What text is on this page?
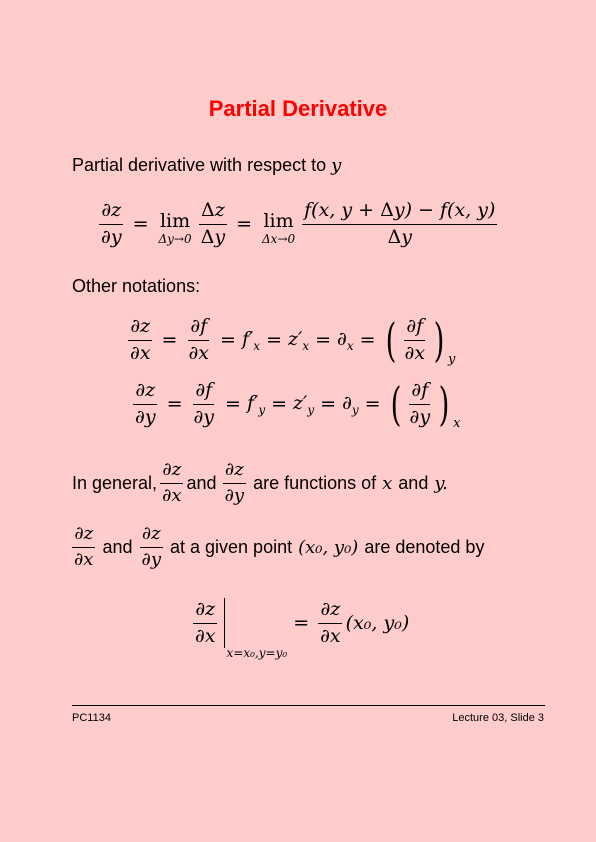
Partial Derivative
Partial derivative with respect to y
$\frac{\partial z}{\partial y} = \lim$
$\Delta y\to 0 \frac{\Delta z}{\Delta y} = \lim$
$\Delta x\to 0 \frac{f(x, y + \Delta y) - f(x, y)}{\Delta y}$
Other notations:
$\frac{\partial z}{\partial x} = \frac{\partial f}{\partial x} = f'_x = z'_x = \partial_x$ = ( $\frac{\partial f}{\partial x}$ ) y
$\frac{\partial z}{\partial y} = \frac{\partial f}{\partial y} = f'_y = z'_y = \partial_y$ = ( $\frac{\partial f}{\partial y}$ ) x
In general, $\frac{\partial z}{\partial x}$ and $\frac{\partial z}{\partial y}$ are functions of x and y.
$\frac{\partial z}{\partial x}$ and $\frac{\partial z}{\partial y}$ at a given point (x₀, y₀) are denoted by
$\frac{\partial z}{\partial x}$
x=x₀,y=y₀
= $\frac{\partial z}{\partial x} (x_0$, y₀)
PC1134	Lecture 03, Slide 3
